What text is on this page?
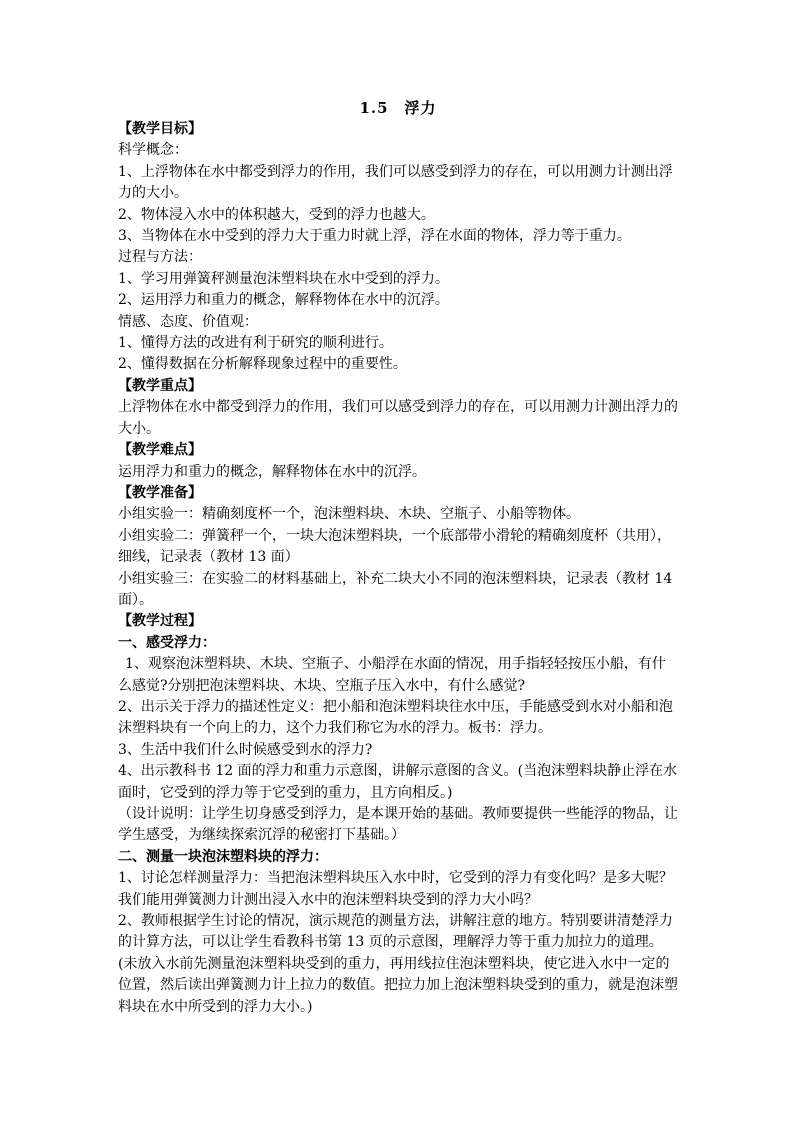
1.5　浮力

【教学目标】

科学概念：

1、上浮物体在水中都受到浮力的作用，我们可以感受到浮力的存在，可以用测力计测出浮力的大小。

2、物体浸入水中的体积越大，受到的浮力也越大。

3、当物体在水中受到的浮力大于重力时就上浮，浮在水面的物体，浮力等于重力。

过程与方法：

1、学习用弹簧秤测量泡沫塑料块在水中受到的浮力。

2、运用浮力和重力的概念，解释物体在水中的沉浮。

情感、态度、价值观：

1、懂得方法的改进有利于研究的顺利进行。

2、懂得数据在分析解释现象过程中的重要性。

【教学重点】

上浮物体在水中都受到浮力的作用，我们可以感受到浮力的存在，可以用测力计测出浮力的大小。

【教学难点】

运用浮力和重力的概念，解释物体在水中的沉浮。

【教学准备】

小组实验一：精确刻度杯一个，泡沫塑料块、木块、空瓶子、小船等物体。

小组实验二：弹簧秤一个，一块大泡沫塑料块，一个底部带小滑轮的精确刻度杯（共用），细线，记录表（教材 13 面）

小组实验三：在实验二的材料基础上，补充二块大小不同的泡沫塑料块，记录表（教材 14 面）。

【教学过程】

一、感受浮力：

1、观察泡沫塑料块、木块、空瓶子、小船浮在水面的情况，用手指轻轻按压小船，有什么感觉?分别把泡沫塑料块、木块、空瓶子压入水中，有什么感觉?

2、出示关于浮力的描述性定义：把小船和泡沫塑料块往水中压，手能感受到水对小船和泡沫塑料块有一个向上的力，这个力我们称它为水的浮力。板书：浮力。

3、生活中我们什么时候感受到水的浮力?

4、出示教科书 12 面的浮力和重力示意图，讲解示意图的含义。(当泡沫塑料块静止浮在水面时，它受到的浮力等于它受到的重力，且方向相反。)

（设计说明：让学生切身感受到浮力，是本课开始的基础。教师要提供一些能浮的物品，让学生感受，为继续探索沉浮的秘密打下基础。）

二、测量一块泡沫塑料块的浮力：

1、讨论怎样测量浮力：当把泡沫塑料块压入水中时，它受到的浮力有变化吗？是多大呢？我们能用弹簧测力计测出浸入水中的泡沫塑料块受到的浮力大小吗？

2、教师根据学生讨论的情况，演示规范的测量方法，讲解注意的地方。特别要讲清楚浮力的计算方法，可以让学生看教科书第 13 页的示意图，理解浮力等于重力加拉力的道理。(未放入水前先测量泡沫塑料块受到的重力，再用线拉住泡沫塑料块，使它进入水中一定的位置，然后读出弹簧测力计上拉力的数值。把拉力加上泡沫塑料块受到的重力，就是泡沫塑料块在水中所受到的浮力大小。)
